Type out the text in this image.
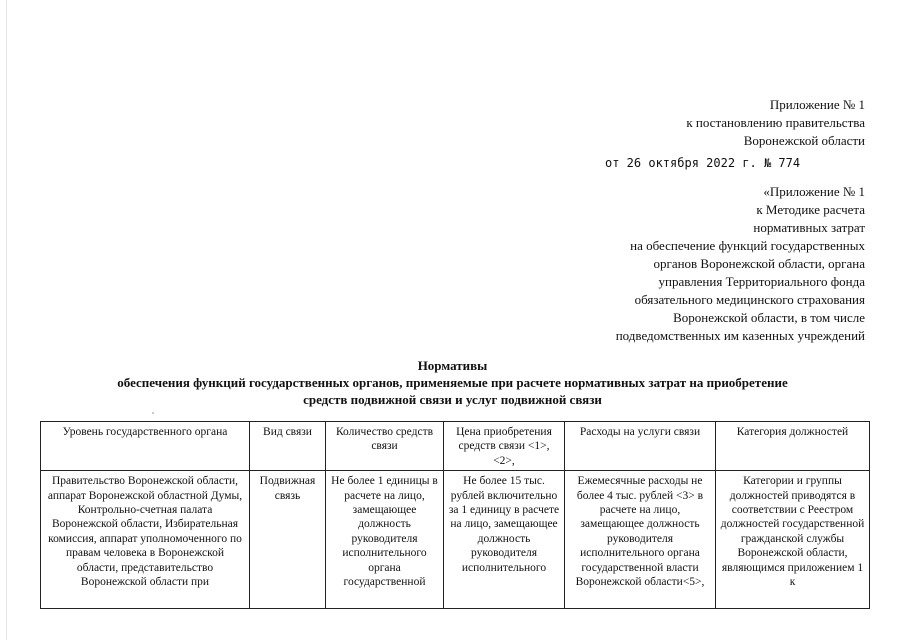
Приложение № 1
к постановлению правительства
Воронежской области
от 26 октября 2022 г. № 774
«Приложение № 1
к Методике расчета
нормативных затрат
на обеспечение функций государственных
органов Воронежской области, органа
управления Территориального фонда
обязательного медицинского страхования
Воронежской области, в том числе
подведомственных им казенных учреждений
Нормативы
обеспечения функций государственных органов, применяемые при расчете нормативных затрат на приобретение
средств подвижной связи и услуг подвижной связи
Уровень государственного органа	Вид связи	Количество средств связи	Цена приобретения средств связи <1>, <2>,	Расходы на услуги связи	Категория должностей

Правительство Воронежской области, аппарат Воронежской областной Думы, Контрольно-счетная палата Воронежской области, Избирательная комиссия, аппарат уполномоченного по правам человека в Воронежской области, представительство Воронежской области при	Подвижная связь	Не более 1 единицы в расчете на лицо, замещающее должность руководителя исполнительного органа государственной	Не более 15 тыс. рублей включительно за 1 единицу в расчете на лицо, замещающее должность руководителя исполнительного	Ежемесячные расходы не более 4 тыс. рублей <3> в расчете на лицо, замещающее должность руководителя исполнительного органа государственной власти Воронежской области<5>,	Категории и группы должностей приводятся в соответствии с Реестром должностей государственной гражданской службы Воронежской области, являющимся приложением 1 к
